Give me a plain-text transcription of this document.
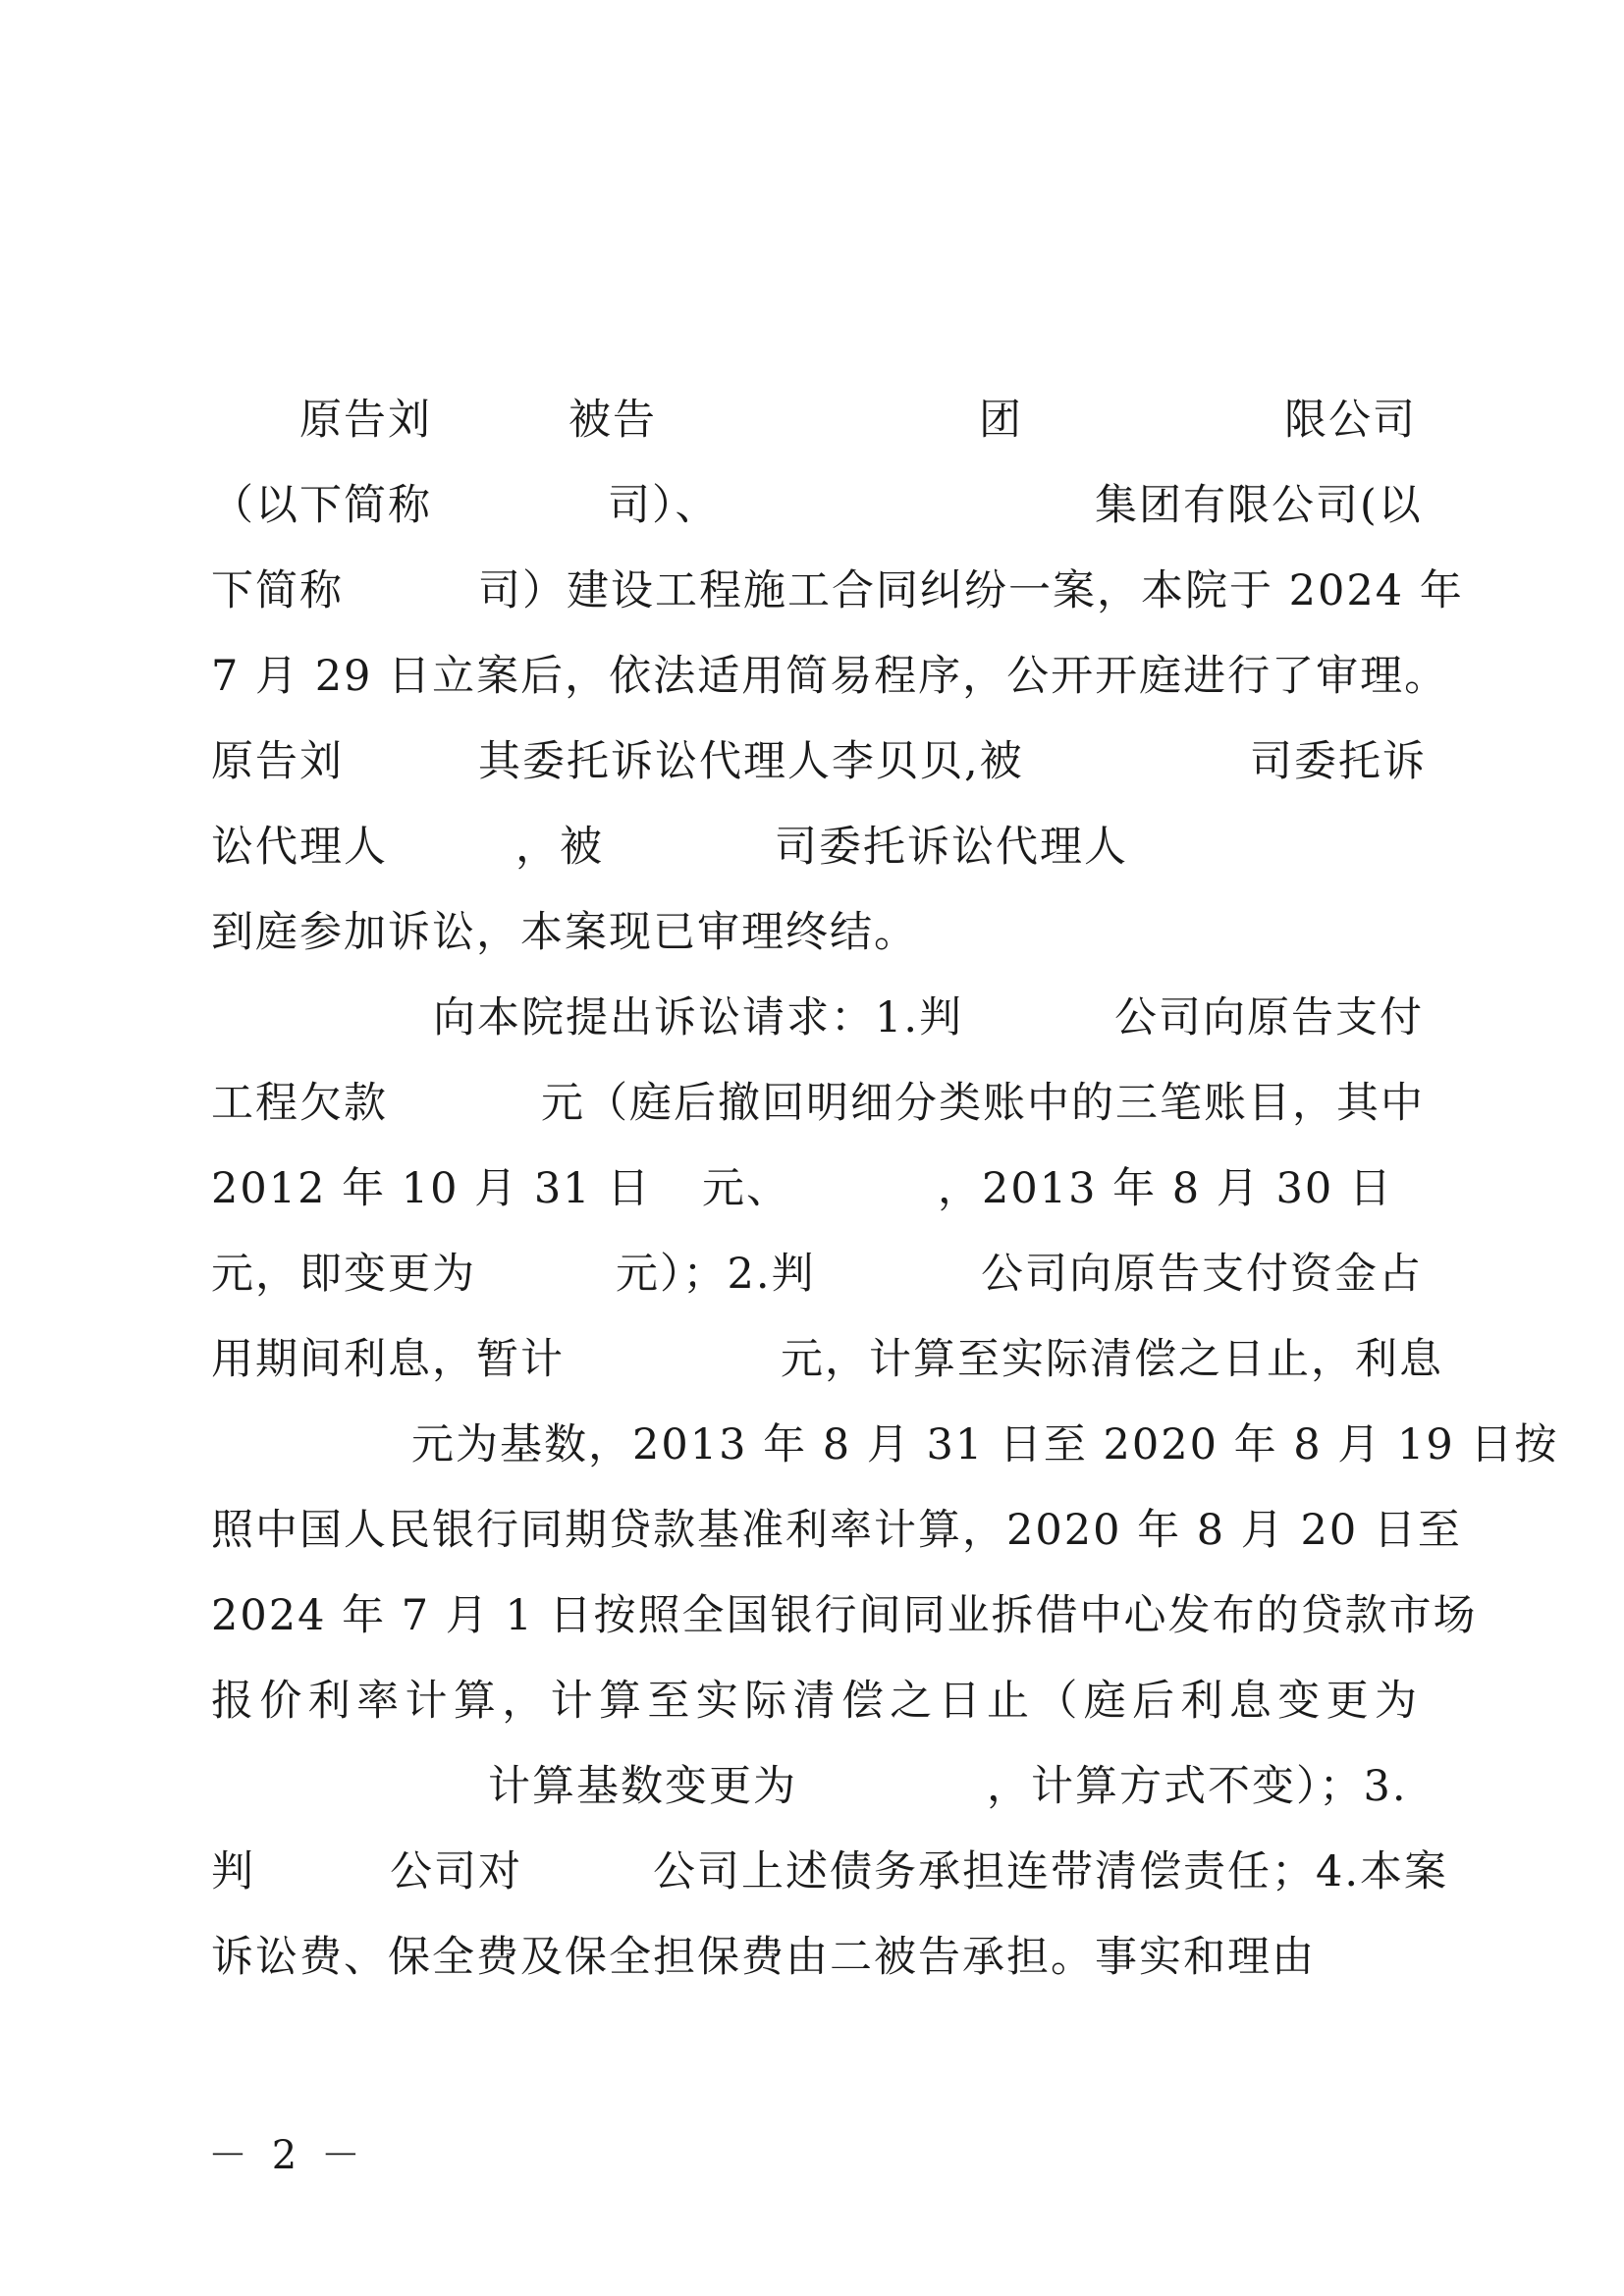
原告刘	被告	团	限公司
（以下简称	司）、	集团有限公司(以
下简称	司）建设工程施工合同纠纷一案，本院于 2024 年
7 月 29 日立案后，依法适用简易程序，公开开庭进行了审理。
原告刘	其委托诉讼代理人李贝贝,被	司委托诉
讼代理人	，被	司委托诉讼代理人
到庭参加诉讼，本案现已审理终结。
向本院提出诉讼请求：1.判	公司向原告支付
工程欠款	元（庭后撤回明细分类账中的三笔账目，其中
2012 年 10 月 31 日 元、	，2013 年 8 月 30 日
元，即变更为	元）；2.判	公司向原告支付资金占
用期间利息，暂计	元，计算至实际清偿之日止，利息
元为基数，2013 年 8 月 31 日至 2020 年 8 月 19 日按
照中国人民银行同期贷款基准利率计算，2020 年 8 月 20 日至
2024 年 7 月 1 日按照全国银行间同业拆借中心发布的贷款市场
报价利率计算，计算至实际清偿之日止（庭后利息变更为
计算基数变更为	，计算方式不变）；3.
判	公司对	公司上述债务承担连带清偿责任；4.本案
诉讼费、保全费及保全担保费由二被告承担。事实和理由
－ 2 －
